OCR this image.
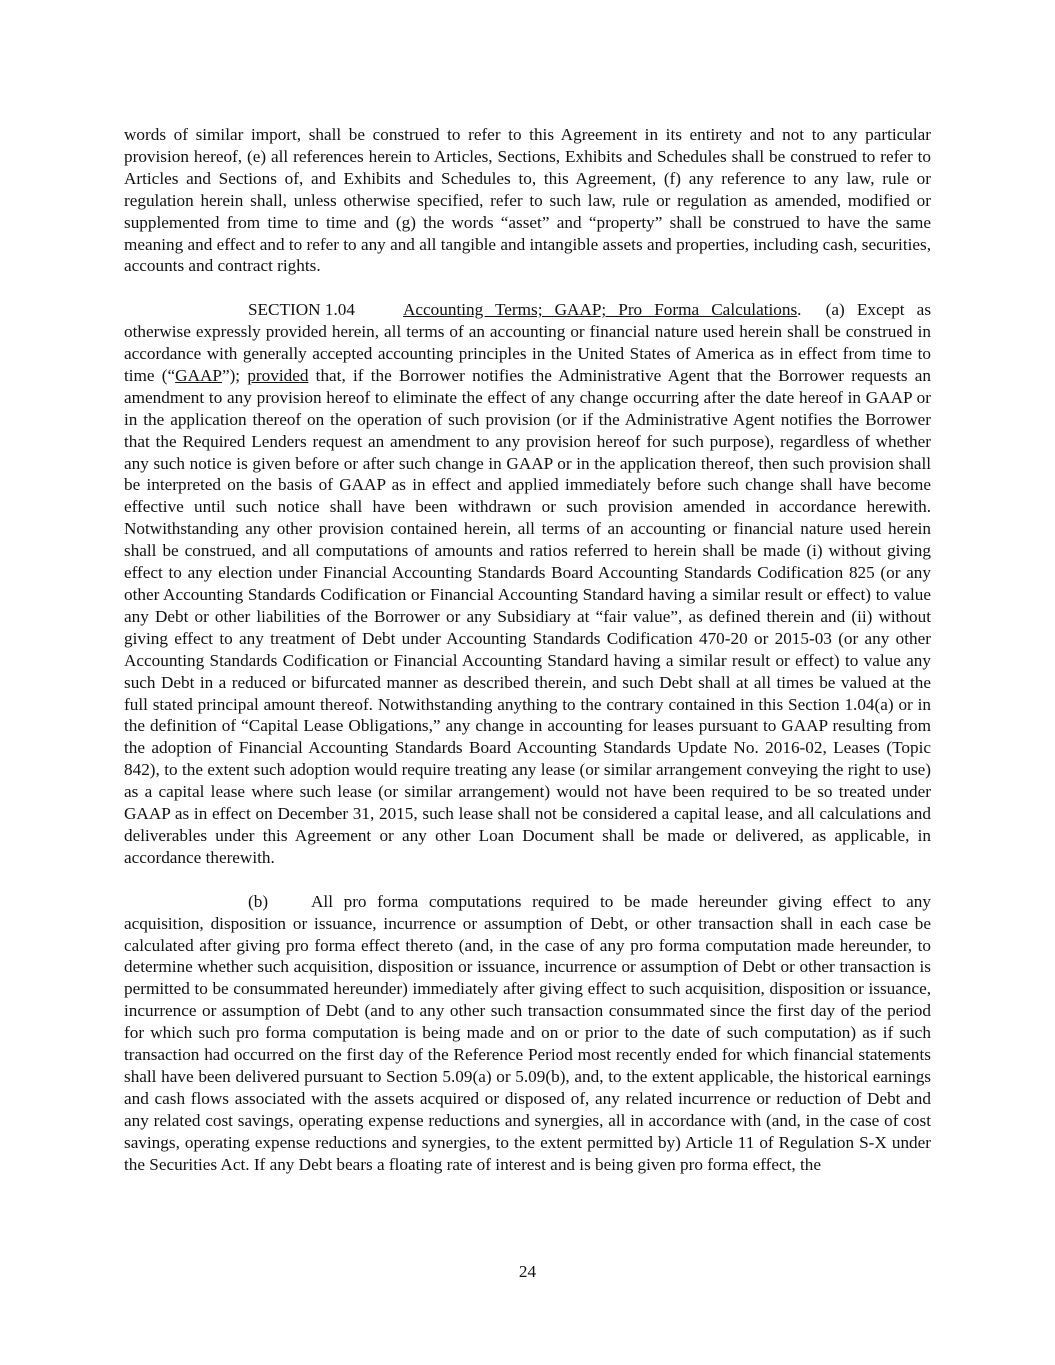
words of similar import, shall be construed to refer to this Agreement in its entirety and not to any particular provision hereof, (e) all references herein to Articles, Sections, Exhibits and Schedules shall be construed to refer to Articles and Sections of, and Exhibits and Schedules to, this Agreement, (f) any reference to any law, rule or regulation herein shall, unless otherwise specified, refer to such law, rule or regulation as amended, modified or supplemented from time to time and (g) the words “asset” and “property” shall be construed to have the same meaning and effect and to refer to any and all tangible and intangible assets and properties, including cash, securities, accounts and contract rights.

SECTION 1.04	Accounting Terms; GAAP; Pro Forma Calculations. (a) Except as otherwise expressly provided herein, all terms of an accounting or financial nature used herein shall be construed in accordance with generally accepted accounting principles in the United States of America as in effect from time to time (“GAAP”); provided that, if the Borrower notifies the Administrative Agent that the Borrower requests an amendment to any provision hereof to eliminate the effect of any change occurring after the date hereof in GAAP or in the application thereof on the operation of such provision (or if the Administrative Agent notifies the Borrower that the Required Lenders request an amendment to any provision hereof for such purpose), regardless of whether any such notice is given before or after such change in GAAP or in the application thereof, then such provision shall be interpreted on the basis of GAAP as in effect and applied immediately before such change shall have become effective until such notice shall have been withdrawn or such provision amended in accordance herewith. Notwithstanding any other provision contained herein, all terms of an accounting or financial nature used herein shall be construed, and all computations of amounts and ratios referred to herein shall be made (i) without giving effect to any election under Financial Accounting Standards Board Accounting Standards Codification 825 (or any other Accounting Standards Codification or Financial Accounting Standard having a similar result or effect) to value any Debt or other liabilities of the Borrower or any Subsidiary at “fair value”, as defined therein and (ii) without giving effect to any treatment of Debt under Accounting Standards Codification 470-20 or 2015-03 (or any other Accounting Standards Codification or Financial Accounting Standard having a similar result or effect) to value any such Debt in a reduced or bifurcated manner as described therein, and such Debt shall at all times be valued at the full stated principal amount thereof. Notwithstanding anything to the contrary contained in this Section 1.04(a) or in the definition of “Capital Lease Obligations,” any change in accounting for leases pursuant to GAAP resulting from the adoption of Financial Accounting Standards Board Accounting Standards Update No. 2016-02, Leases (Topic 842), to the extent such adoption would require treating any lease (or similar arrangement conveying the right to use) as a capital lease where such lease (or similar arrangement) would not have been required to be so treated under GAAP as in effect on December 31, 2015, such lease shall not be considered a capital lease, and all calculations and deliverables under this Agreement or any other Loan Document shall be made or delivered, as applicable, in accordance therewith.

(b) All pro forma computations required to be made hereunder giving effect to any acquisition, disposition or issuance, incurrence or assumption of Debt, or other transaction shall in each case be calculated after giving pro forma effect thereto (and, in the case of any pro forma computation made hereunder, to determine whether such acquisition, disposition or issuance, incurrence or assumption of Debt or other transaction is permitted to be consummated hereunder) immediately after giving effect to such acquisition, disposition or issuance, incurrence or assumption of Debt (and to any other such transaction consummated since the first day of the period for which such pro forma computation is being made and on or prior to the date of such computation) as if such transaction had occurred on the first day of the Reference Period most recently ended for which financial statements shall have been delivered pursuant to Section 5.09(a) or 5.09(b), and, to the extent applicable, the historical earnings and cash flows associated with the assets acquired or disposed of, any related incurrence or reduction of Debt and any related cost savings, operating expense reductions and synergies, all in accordance with (and, in the case of cost savings, operating expense reductions and synergies, to the extent permitted by) Article 11 of Regulation S-X under the Securities Act. If any Debt bears a floating rate of interest and is being given pro forma effect, the

24
